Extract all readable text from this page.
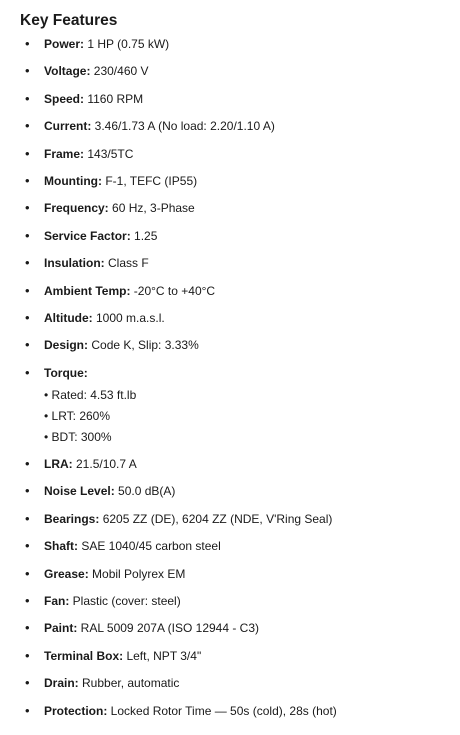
Key Features
• Power: 1 HP (0.75 kW)
• Voltage: 230/460 V
• Speed: 1160 RPM
• Current: 3.46/1.73 A (No load: 2.20/1.10 A)
• Frame: 143/5TC
• Mounting: F-1, TEFC (IP55)
• Frequency: 60 Hz, 3-Phase
• Service Factor: 1.25
• Insulation: Class F
• Ambient Temp: -20°C to +40°C
• Altitude: 1000 m.a.s.l.
• Design: Code K, Slip: 3.33%
• Torque:
• Rated: 4.53 ft.lb
• LRT: 260%
• BDT: 300%
• LRA: 21.5/10.7 A
• Noise Level: 50.0 dB(A)
• Bearings: 6205 ZZ (DE), 6204 ZZ (NDE, V'Ring Seal)
• Shaft: SAE 1040/45 carbon steel
• Grease: Mobil Polyrex EM
• Fan: Plastic (cover: steel)
• Paint: RAL 5009 207A (ISO 12944 - C3)
• Terminal Box: Left, NPT 3/4"
• Drain: Rubber, automatic
• Protection: Locked Rotor Time — 50s (cold), 28s (hot)
